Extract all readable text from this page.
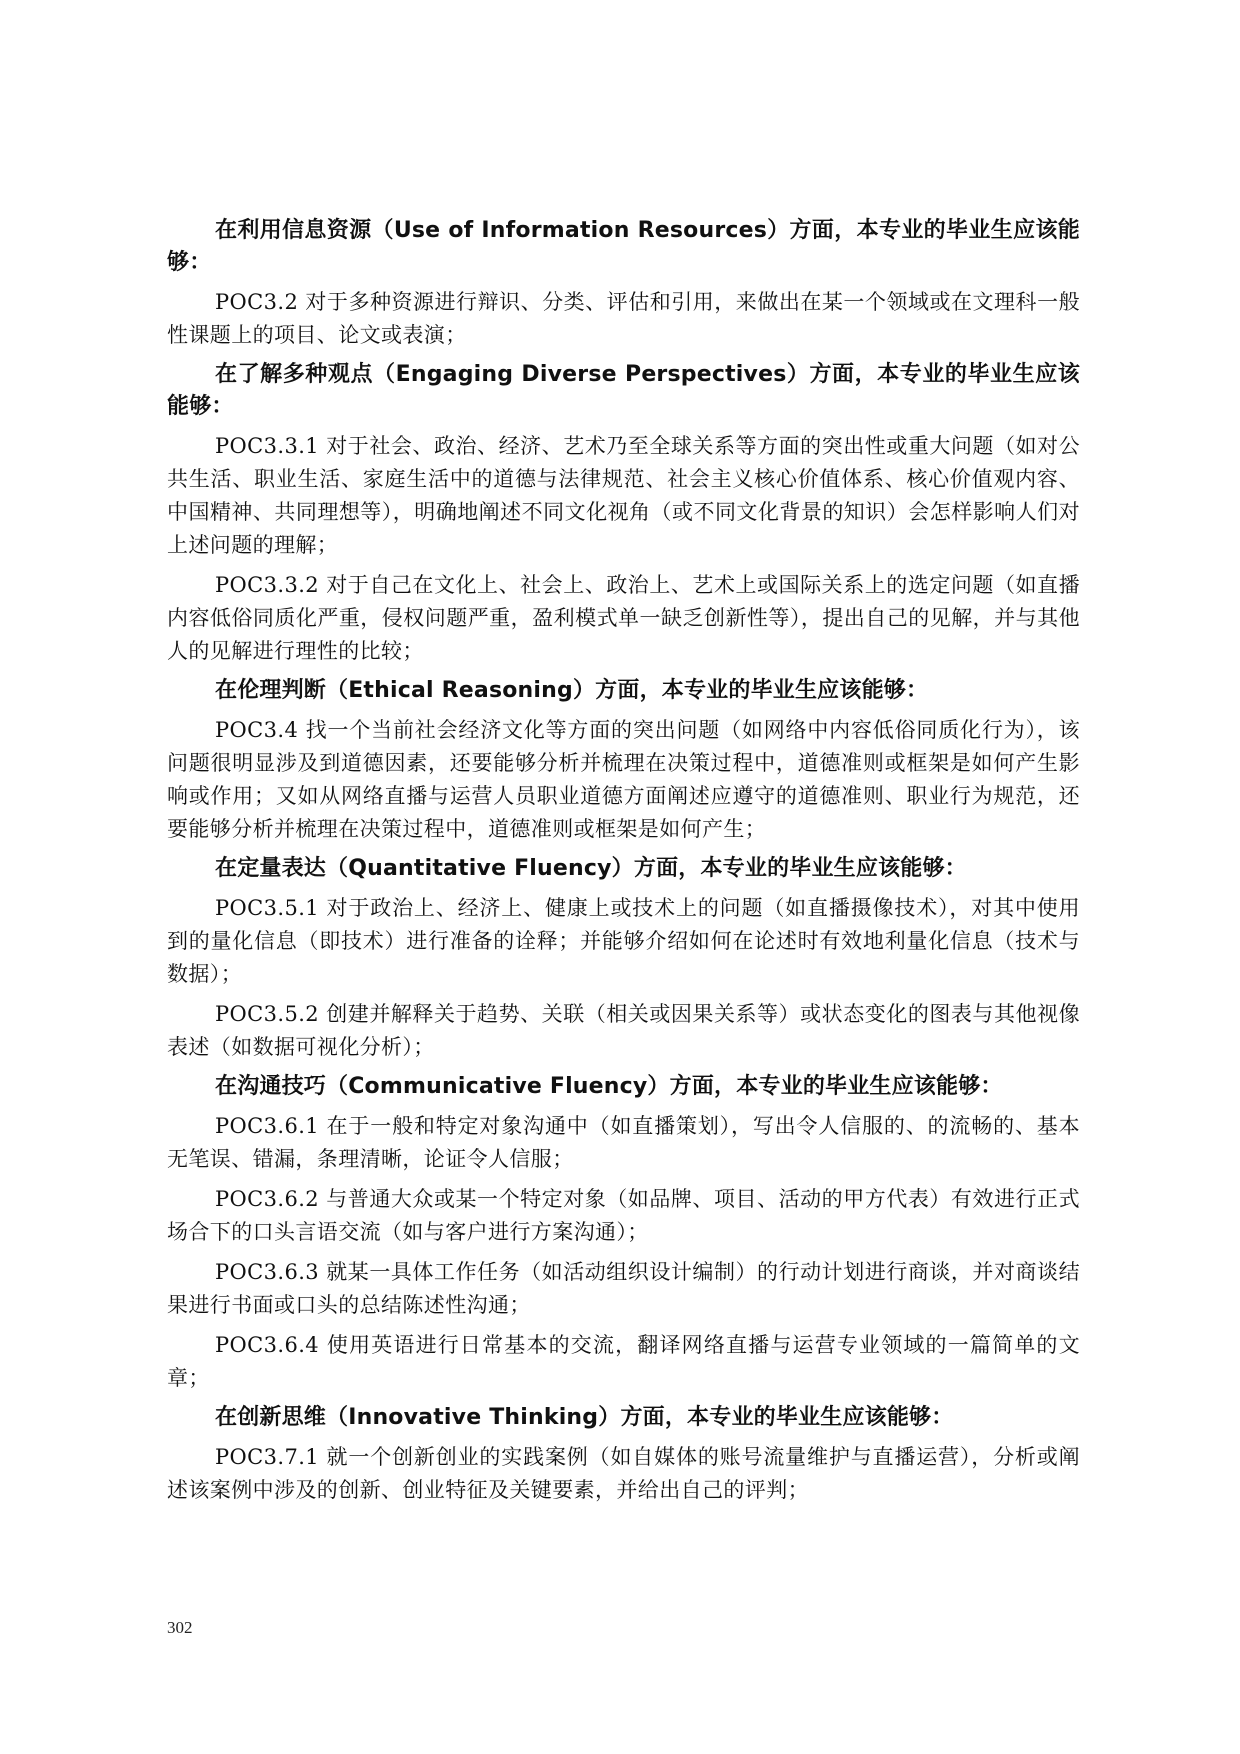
在利用信息资源（Use of Information Resources）方面，本专业的毕业生应该能够：
POC3.2 对于多种资源进行辩识、分类、评估和引用，来做出在某一个领域或在文理科一般性课题上的项目、论文或表演；
在了解多种观点（Engaging Diverse Perspectives）方面，本专业的毕业生应该能够：
POC3.3.1 对于社会、政治、经济、艺术乃至全球关系等方面的突出性或重大问题（如对公共生活、职业生活、家庭生活中的道德与法律规范、社会主义核心价值体系、核心价值观内容、中国精神、共同理想等），明确地阐述不同文化视角（或不同文化背景的知识）会怎样影响人们对上述问题的理解；
POC3.3.2 对于自己在文化上、社会上、政治上、艺术上或国际关系上的选定问题（如直播内容低俗同质化严重，侵权问题严重，盈利模式单一缺乏创新性等），提出自己的见解，并与其他人的见解进行理性的比较；
在伦理判断（Ethical Reasoning）方面，本专业的毕业生应该能够：
POC3.4 找一个当前社会经济文化等方面的突出问题（如网络中内容低俗同质化行为），该问题很明显涉及到道德因素，还要能够分析并梳理在决策过程中，道德准则或框架是如何产生影响或作用；又如从网络直播与运营人员职业道德方面阐述应遵守的道德准则、职业行为规范，还要能够分析并梳理在决策过程中，道德准则或框架是如何产生；
在定量表达（Quantitative Fluency）方面，本专业的毕业生应该能够：
POC3.5.1 对于政治上、经济上、健康上或技术上的问题（如直播摄像技术），对其中使用到的量化信息（即技术）进行准备的诠释；并能够介绍如何在论述时有效地利量化信息（技术与数据）；
POC3.5.2 创建并解释关于趋势、关联（相关或因果关系等）或状态变化的图表与其他视像表述（如数据可视化分析）；
在沟通技巧（Communicative Fluency）方面，本专业的毕业生应该能够：
POC3.6.1 在于一般和特定对象沟通中（如直播策划），写出令人信服的、的流畅的、基本无笔误、错漏，条理清晰，论证令人信服；
POC3.6.2 与普通大众或某一个特定对象（如品牌、项目、活动的甲方代表）有效进行正式场合下的口头言语交流（如与客户进行方案沟通）；
POC3.6.3 就某一具体工作任务（如活动组织设计编制）的行动计划进行商谈，并对商谈结果进行书面或口头的总结陈述性沟通；
POC3.6.4 使用英语进行日常基本的交流，翻译网络直播与运营专业领域的一篇简单的文章；
在创新思维（Innovative Thinking）方面，本专业的毕业生应该能够：
POC3.7.1 就一个创新创业的实践案例（如自媒体的账号流量维护与直播运营），分析或阐述该案例中涉及的创新、创业特征及关键要素，并给出自己的评判；
302
